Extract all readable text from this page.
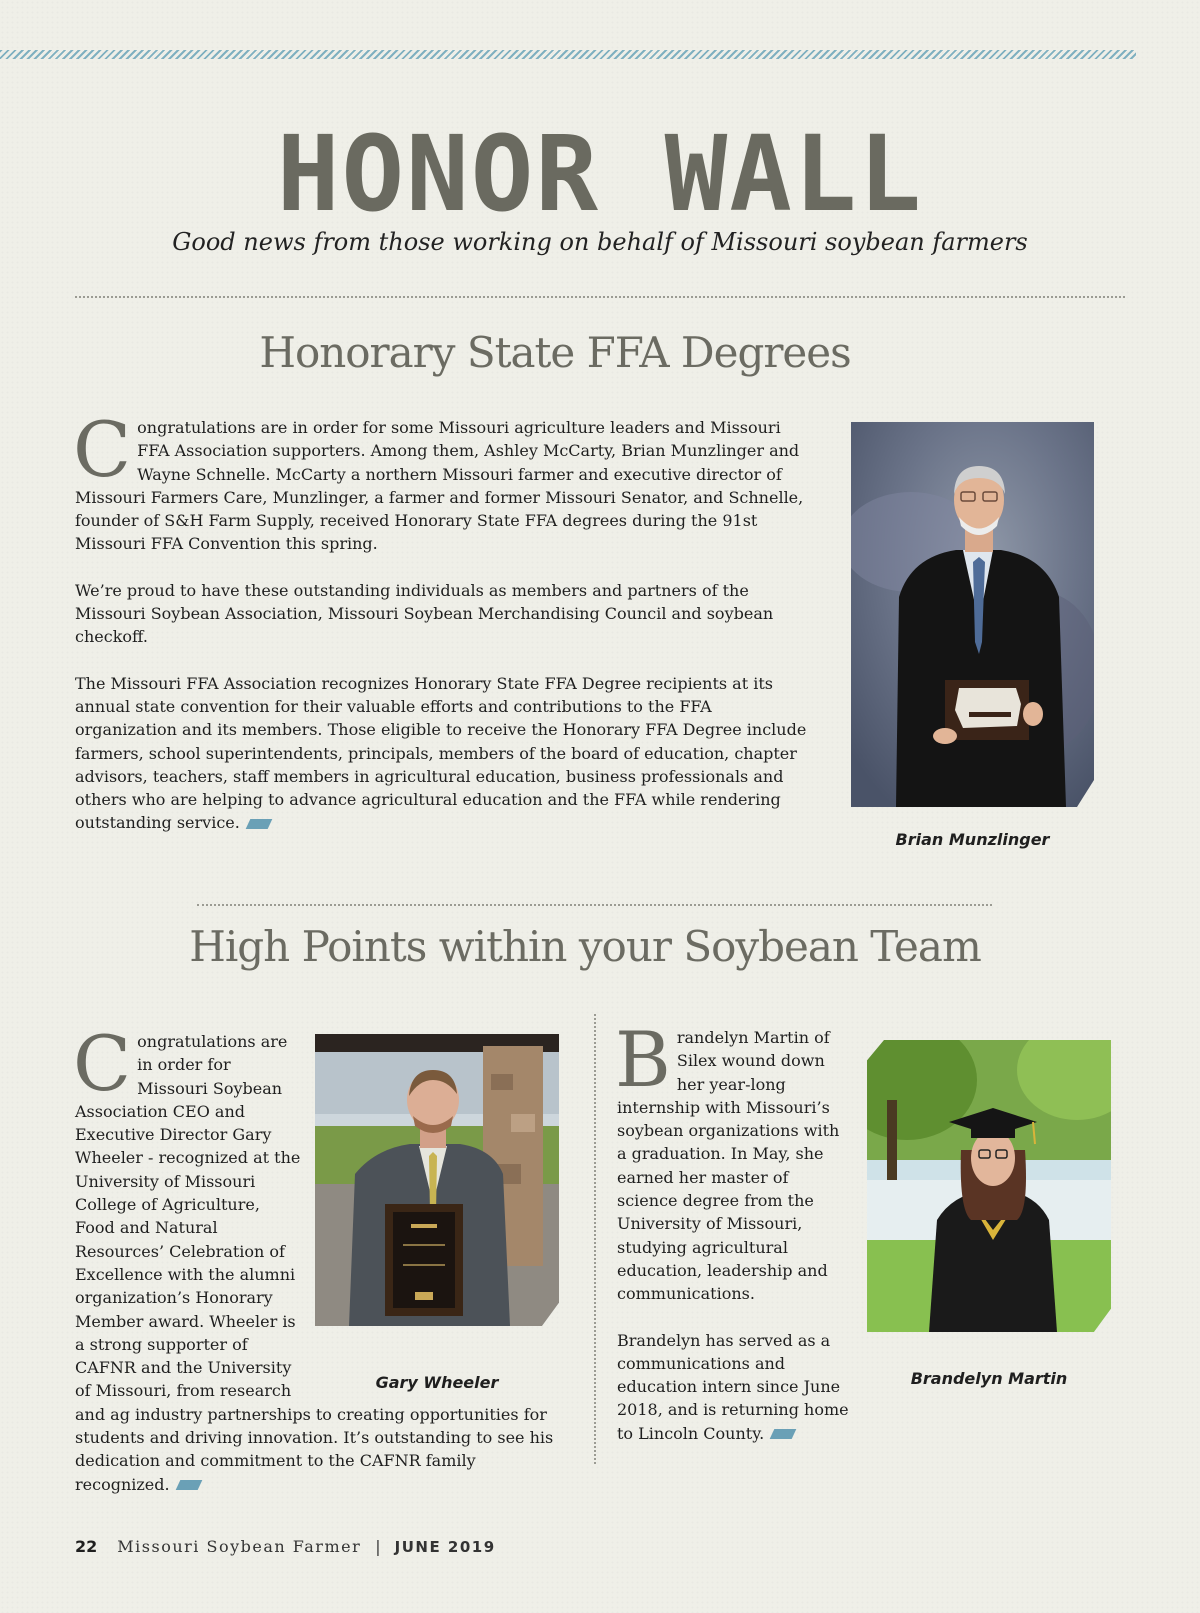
HONOR WALL
Good news from those working on behalf of Missouri soybean farmers
Honorary State FFA Degrees

Congratulations are in order for some Missouri agriculture leaders and Missouri FFA Association supporters. Among them, Ashley McCarty, Brian Munzlinger and Wayne Schnelle. McCarty a northern Missouri farmer and executive director of Missouri Farmers Care, Munzlinger, a farmer and former Missouri Senator, and Schnelle, founder of S&H Farm Supply, received Honorary State FFA degrees during the 91st Missouri FFA Convention this spring.

We’re proud to have these outstanding individuals as members and partners of the Missouri Soybean Association, Missouri Soybean Merchandising Council and soybean checkoff.

The Missouri FFA Association recognizes Honorary State FFA Degree recipients at its annual state convention for their valuable efforts and contributions to the FFA organization and its members. Those eligible to receive the Honorary FFA Degree include farmers, school superintendents, principals, members of the board of education, chapter advisors, teachers, staff members in agricultural education, business professionals and others who are helping to advance agricultural education and the FFA while rendering outstanding service.

Brian Munzlinger
High Points within your Soybean Team
Congratulations are in order for Missouri Soybean Association CEO and Executive Director Gary Wheeler - recognized at the University of Missouri College of Agriculture, Food and Natural Resources’ Celebration of Excellence with the alumni organization’s Honorary Member award. Wheeler is a strong supporter of CAFNR and the University of Missouri, from research and ag industry partnerships to creating opportunities for students and driving innovation. It’s outstanding to see his dedication and commitment to the CAFNR family recognized.
Gary Wheeler

Brandelyn Martin of Silex wound down her year-long internship with Missouri’s soybean organizations with a graduation. In May, she earned her master of science degree from the University of Missouri, studying agricultural education, leadership and communications.

Brandelyn has served as a communications and education intern since June 2018, and is returning home to Lincoln County.

Brandelyn Martin
22 Missouri Soybean Farmer | JUNE 2019
